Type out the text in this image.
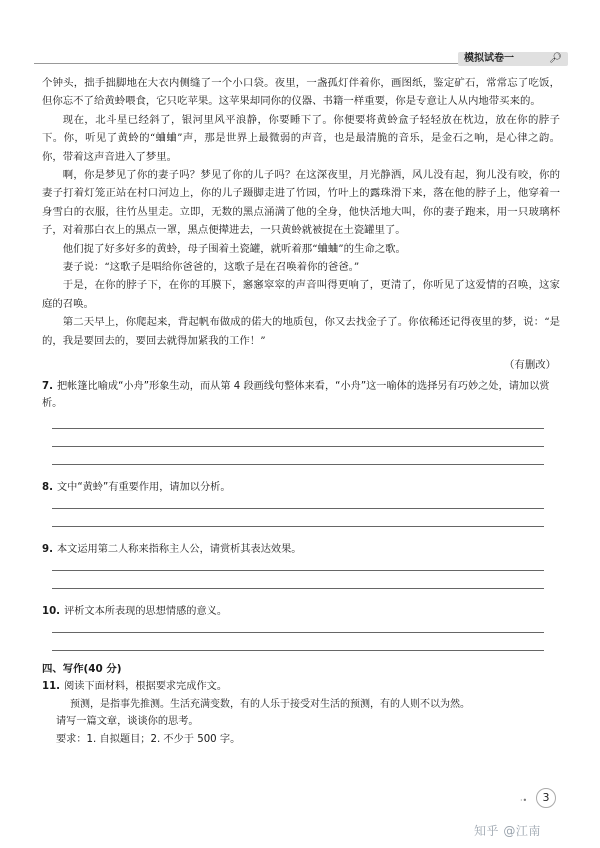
模拟试卷一	🔎︎

个钟头，拙手拙脚地在大衣内侧缝了一个小口袋。夜里，一盏孤灯伴着你，画图纸，鉴定矿石，常常忘了吃饭，但你忘不了给黄蛉喂食，它只吃苹果。这苹果却同你的仪器、书籍一样重要，你是专意让人从内地带买来的。

现在，北斗星已经斜了，银河里风平浪静，你要睡下了。你便要将黄蛉盒子轻轻放在枕边，放在你的脖子下。你，听见了黄蛉的“蛐蛐”声，那是世界上最微弱的声音，也是最清脆的音乐，是金石之响，是心律之韵。你，带着这声音进入了梦里。

啊，你是梦见了你的妻子吗？梦见了你的儿子吗？在这深夜里，月光静洒，风儿没有起，狗儿没有咬，你的妻子打着灯笼正站在村口河边上，你的儿子蹑脚走进了竹园，竹叶上的露珠滑下来，落在他的脖子上，他穿着一身雪白的衣服，往竹丛里走。立即，无数的黑点涌满了他的全身，他快活地大叫，你的妻子跑来，用一只玻璃杯子，对着那白衣上的黑点一罩，黑点便撵进去，一只黄蛉就被捉在土瓷罐里了。

他们捉了好多好多的黄蛉，母子围着土瓷罐，就听着那“蛐蛐”的生命之歌。

妻子说：“这歌子是唱给你爸爸的，这歌子是在召唤着你的爸爸。”

于是，在你的脖子下，在你的耳膜下，窸窸窣窣的声音叫得更响了，更清了，你听见了这爱情的召唤，这家庭的召唤。

第二天早上，你爬起来，背起帆布做成的偌大的地质包，你又去找金子了。你依稀还记得夜里的梦，说：“是的，我是要回去的，要回去就得加紧我的工作！”

（有删改）
7. 把帐篷比喻成“小舟”形象生动，而从第 4 段画线句整体来看，“小舟”这一喻体的选择另有巧妙之处，请加以赏析。
8. 文中“黄蛉”有重要作用，请加以分析。
9. 本文运用第二人称来指称主人公，请赏析其表达效果。
10. 评析文本所表现的思想情感的意义。
四、写作(40 分)
11. 阅读下面材料，根据要求完成作文。
预测，是指事先推测。生活充满变数，有的人乐于接受对生活的预测，有的人则不以为然。
请写一篇文章，谈谈你的思考。
要求：1. 自拟题目；2. 不少于 500 字。
·•	3
知乎 @江南
